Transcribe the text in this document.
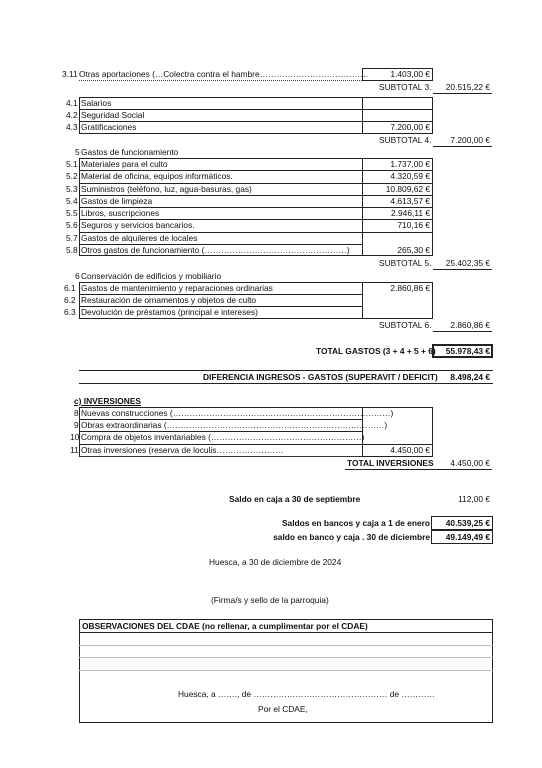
3.11 Otras aportaciones (…Colectra contra el hambre…………………………………	1.403,00 €
SUBTOTAL 3.	20.515,22 €
4.1 Salarios
4.2 Seguridad Social
4.3 Gratificaciones	7.200,00 €
SUBTOTAL 4.	7.200,00 €
5 Gastos de funcionamiento
5.1 Materiales para el culto	1.737,00 €
5.2 Material de oficina, equipos informáticos.	4.320,59 €
5.3 Suministros (teléfono, luz, agua-basuras, gas)	10.809,62 €
5.4 Gastos de limpieza	4.613,57 €
5.5 Libros, suscripciones	2.946,11 €
5.6 Seguros y servicios bancarios.	710,16 €
5.7 Gastos de alquileres de locales
5.8 Otros gastos de funcionamiento (……………………………………………)	265,30 €
SUBTOTAL 5.	25.402,35 €
6 Conservación de edificios y mobiliario
6.1 Gastos de mantenimiento y reparaciones ordinarias	2.860,86 €
6.2 Restauración de ornamentos y objetos de culto
6.3 Devolución de préstamos (principal e intereses)
SUBTOTAL 6.	2.860,86 €
TOTAL GASTOS (3 + 4 + 5 + 6)	55.978,43 €
DIFERENCIA INGRESOS - GASTOS (SUPERAVIT / DEFICIT)	8.498,24 €
c) INVERSIONES
8 Nuevas construcciones (……………………………………………………………………)
9 Obras extraordinarias (……………………………………………………………………)
10 Compra de objetos inventariables (………………………………………………)
11 Otras inversiones (reserva de loculis……………………	4.450,00 €
TOTAL INVERSIONES	4.450,00 €
Saldo en caja a 30 de septiembre	112,00 €
Saldos en bancos y caja a 1 de enero	40.539,25 €
saldo en banco y caja . 30 de diciembre	49.149,49 €
Huesca, a 30 de diciembre de 2024
(Firma/s y sello de la parroquia)
OBSERVACIONES DEL CDAE (no rellenar, a cumplimentar por el CDAE)
Huesca, a ……., de ………………………………………… de …………
Por el CDAE,
